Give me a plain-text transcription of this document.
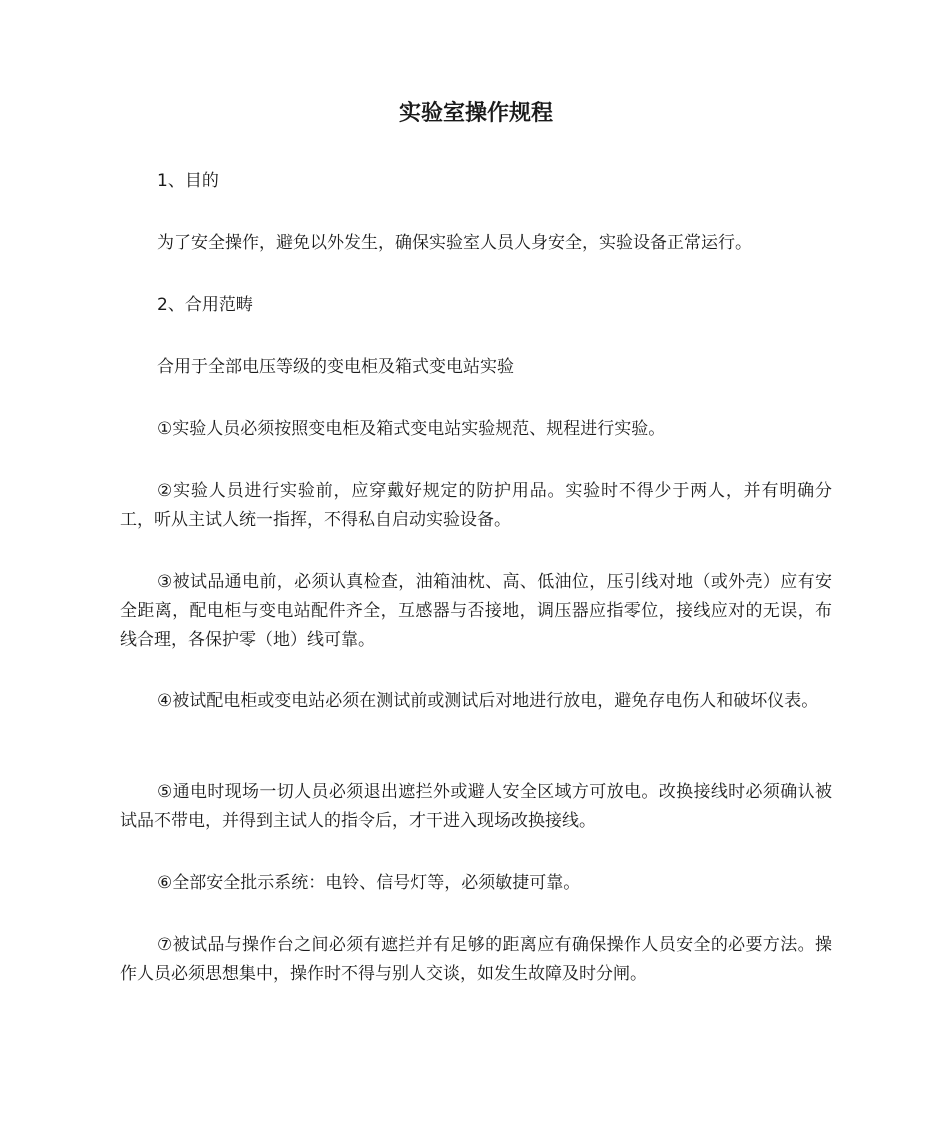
实验室操作规程

1、目的

为了安全操作，避免以外发生，确保实验室人员人身安全，实验设备正常运行。

2、合用范畴

合用于全部电压等级的变电柜及箱式变电站实验

①实验人员必须按照变电柜及箱式变电站实验规范、规程进行实验。

②实验人员进行实验前，应穿戴好规定的防护用品。实验时不得少于两人，并有明确分工，听从主试人统一指挥，不得私自启动实验设备。

③被试品通电前，必须认真检查，油箱油枕、高、低油位，压引线对地（或外壳）应有安全距离，配电柜与变电站配件齐全，互感器与否接地，调压器应指零位，接线应对的无误，布线合理，各保护零（地）线可靠。

④被试配电柜或变电站必须在测试前或测试后对地进行放电，避免存电伤人和破坏仪表。

⑤通电时现场一切人员必须退出遮拦外或避人安全区域方可放电。改换接线时必须确认被试品不带电，并得到主试人的指令后，才干进入现场改换接线。

⑥全部安全批示系统：电铃、信号灯等，必须敏捷可靠。

⑦被试品与操作台之间必须有遮拦并有足够的距离应有确保操作人员安全的必要方法。操作人员必须思想集中，操作时不得与别人交谈，如发生故障及时分闸。
